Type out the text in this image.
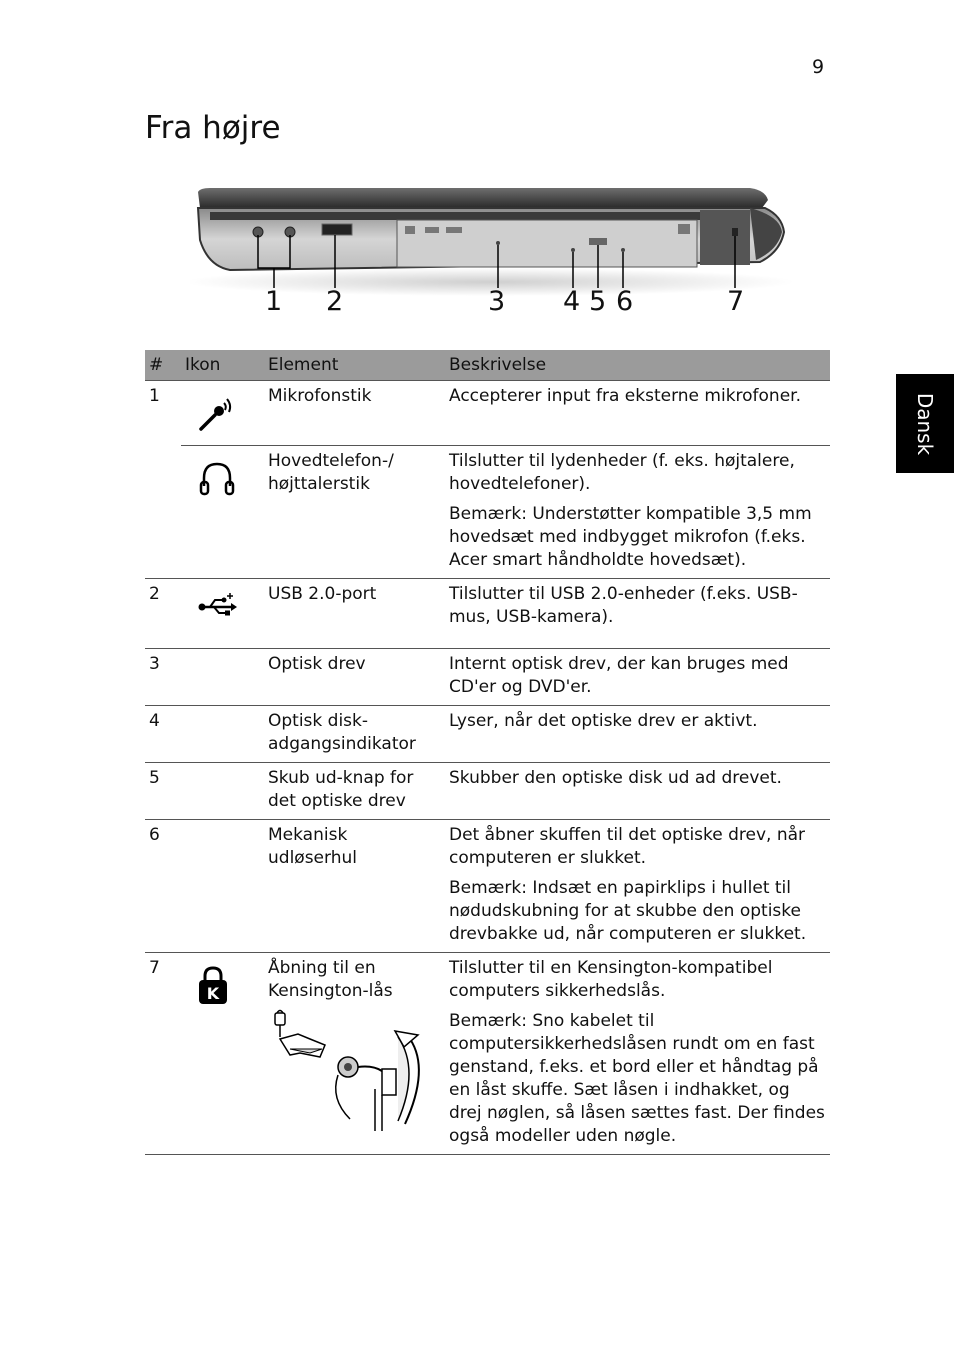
9
Fra højre
Dansk
1 2	3 4 5 6	7
#	Ikon	Element	Beskrivelse
1		Mikrofonstik	Accepterer input fra eksterne mikrofoner.

	Hovedtelefon-/ højttalerstik	Tilslutter til lydenheder (f. eks. højtalere, hovedtelefoner).

Bemærk: Understøtter kompatible 3,5 mm hovedsæt med indbygget mikrofon (f.eks. Acer smart håndholdte hovedsæt).

2		USB 2.0-port	Tilslutter til USB 2.0-enheder (f.eks. USB-mus, USB-kamera).

3		Optisk drev	Internt optisk drev, der kan bruges med CD'er og DVD'er.

4		Optisk disk-adgangsindikator	Lyser, når det optiske drev er aktivt.

5		Skub ud-knap for det optiske drev	Skubber den optiske disk ud ad drevet.

6		Mekanisk udløserhul	Det åbner skuffen til det optiske drev, når computeren er slukket.

Bemærk: Indsæt en papirklips i hullet til nødudskubning for at skubbe den optiske drevbakke ud, når computeren er slukket.

7	K	Åbning til en Kensington-lås	Tilslutter til en Kensington-kompatibel computers sikkerhedslås.

Bemærk: Sno kabelet til computersikkerhedslåsen rundt om en fast genstand, f.eks. et bord eller et håndtag på en låst skuffe. Sæt låsen i indhakket, og drej nøglen, så låsen sættes fast. Der findes også modeller uden nøgle.
